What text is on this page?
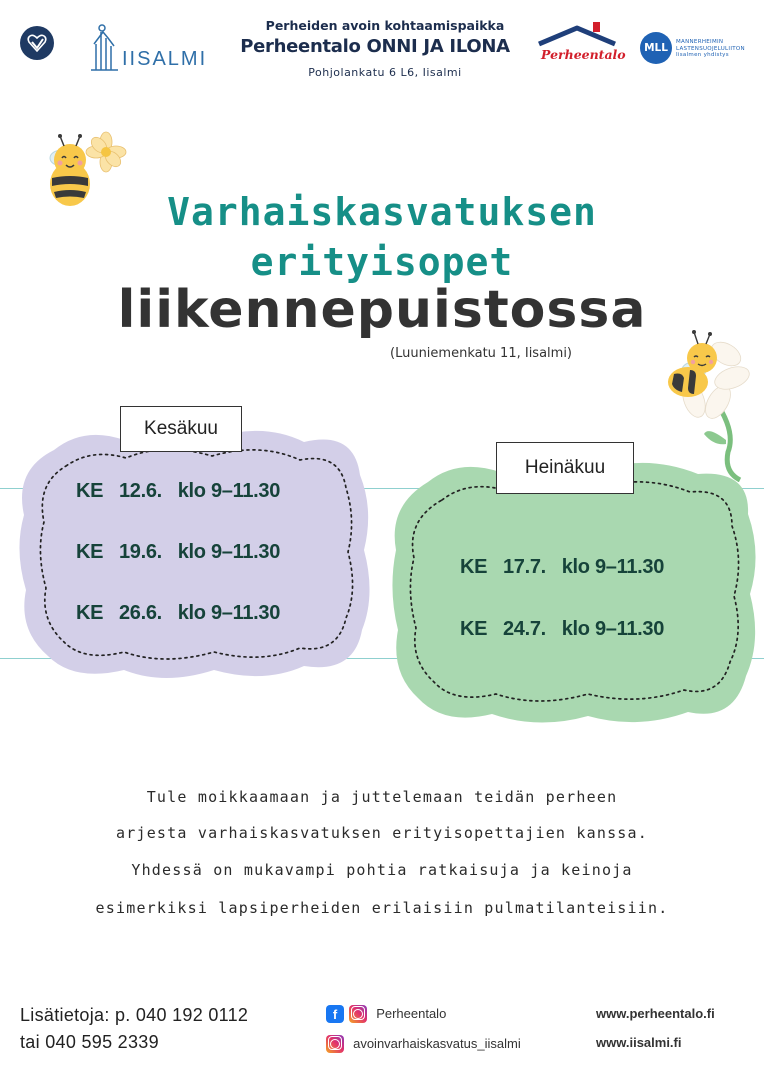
IISALMI
Perheiden avoin kohtaamispaikka
Perheentalo ONNI JA ILONA
Pohjolankatu 6 L6, Iisalmi
Perheentalo	MLL	MANNERHEIMIN LASTENSUOJELULIITON Iisalmen yhdistys
Varhaiskasvatuksen
erityisopet
liikennepuistossa
(Luuniemenkatu 11, Iisalmi)
Kesäkuu
KE   12.6.   klo 9–11.30
KE   19.6.   klo 9–11.30
KE   26.6.   klo 9–11.30
Heinäkuu
KE   17.7.   klo 9–11.30
KE   24.7.   klo 9–11.30
Tule moikkaamaan ja juttelemaan teidän perheen
arjesta varhaiskasvatuksen erityisopettajien kanssa.
Yhdessä on mukavampi pohtia ratkaisuja ja keinoja
esimerkiksi lapsiperheiden erilaisiin pulmatilanteisiin.
Lisätietoja: p. 040 192 0112
tai 040 595 2339
f	Perheentalo
avoinvarhaiskasvatus_iisalmi
www.perheentalo.fi
www.iisalmi.fi
